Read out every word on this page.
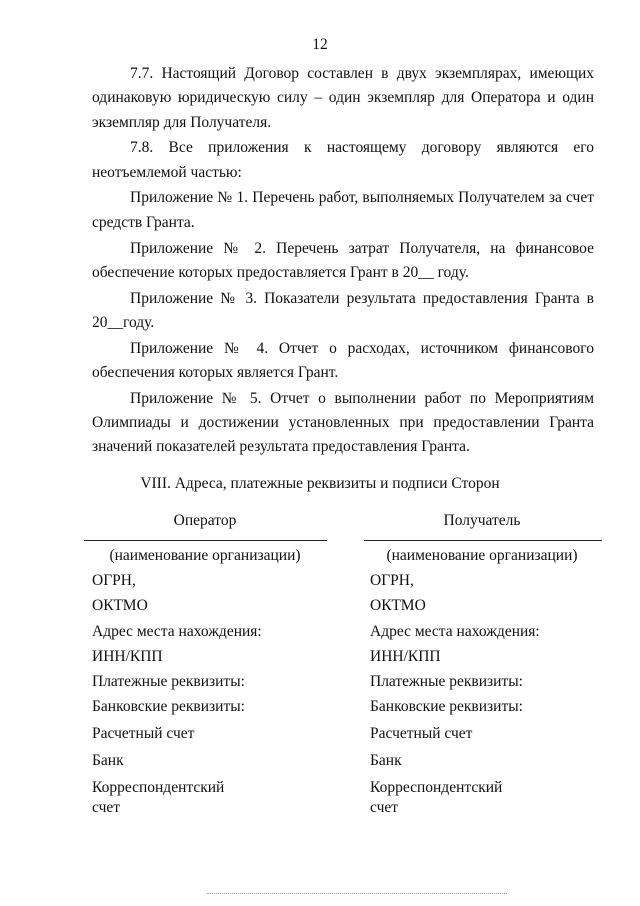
12

7.7. Настоящий Договор составлен в двух экземплярах, имеющих одинаковую юридическую силу – один экземпляр для Оператора и один экземпляр для Получателя.

7.8. Все приложения к настоящему договору являются его неотъемлемой частью:

Приложение № 1. Перечень работ, выполняемых Получателем за счет средств Гранта.

Приложение № 2. Перечень затрат Получателя, на финансовое обеспечение которых предоставляется Грант в 20__ году.

Приложение № 3. Показатели результата предоставления Гранта в 20__году.

Приложение № 4. Отчет о расходах, источником финансового обеспечения которых является Грант.

Приложение № 5. Отчет о выполнении работ по Мероприятиям Олимпиады и достижении установленных при предоставлении Гранта значений показателей результата предоставления Гранта.

VIII. Адреса, платежные реквизиты и подписи Сторон
Оператор
(наименование организации)
Получатель
(наименование организации)
ОГРН,
ОКТМО
Адрес места нахождения:
ИНН/КПП
Платежные реквизиты:
Банковские реквизиты:
Расчетный счет
Банк
Корреспондентский
счет
ОГРН,
ОКТМО
Адрес места нахождения:
ИНН/КПП
Платежные реквизиты:
Банковские реквизиты:
Расчетный счет
Банк
Корреспондентский
счет
